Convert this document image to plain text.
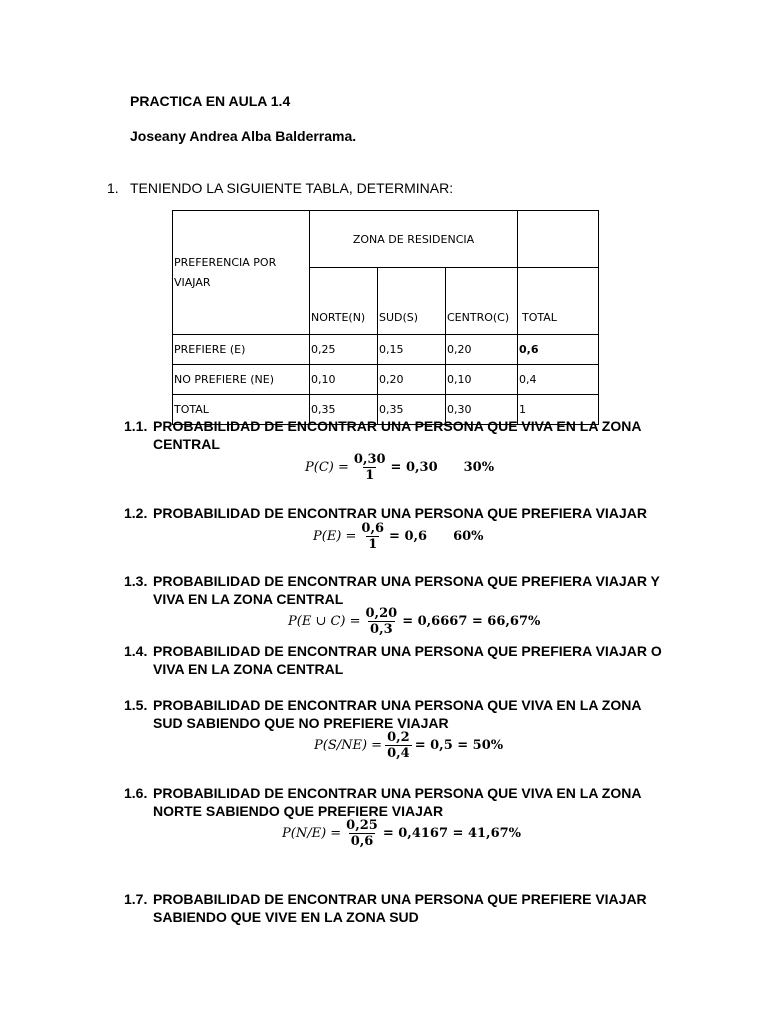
PRACTICA EN AULA 1.4
Joseany Andrea Alba Balderrama.
1. TENIENDO LA SIGUIENTE TABLA, DETERMINAR:
PREFERENCIA POR VIAJAR	ZONA DE RESIDENCIA			
	NORTE(N)	SUD(S)	CENTRO(C)	TOTAL
PREFIERE (E)	0,25	0,15	0,20	0,6
NO PREFIERE (NE)	0,10	0,20	0,10	0,4
TOTAL	0,35	0,35	0,30	1
1.1. PROBABILIDAD DE ENCONTRAR UNA PERSONA QUE VIVA EN LA ZONA CENTRAL
$P(C) = \frac{0,30}{1} = 0,30$ 30%
1.2. PROBABILIDAD DE ENCONTRAR UNA PERSONA QUE PREFIERA VIAJAR
$P(E) = \frac{0,6}{1} = 0,6$ 60%
1.3. PROBABILIDAD DE ENCONTRAR UNA PERSONA QUE PREFIERA VIAJAR Y VIVA EN LA ZONA CENTRAL
P(E ∪ $C) = \frac{0,20}{0,3} = 0,6667 = 66,67\%$
1.4. PROBABILIDAD DE ENCONTRAR UNA PERSONA QUE PREFIERA VIAJAR O VIVA EN LA ZONA CENTRAL
1.5. PROBABILIDAD DE ENCONTRAR UNA PERSONA QUE VIVA EN LA ZONA SUD SABIENDO QUE NO PREFIERE VIAJAR
$P(S/NE) = \frac{0,2}{0,4} = 0,5 = 50\%$
1.6. PROBABILIDAD DE ENCONTRAR UNA PERSONA QUE VIVA EN LA ZONA NORTE SABIENDO QUE PREFIERE VIAJAR
$P(N/E) = \frac{0,25}{0,6} = 0,4167 = 41,67\%$
1.7. PROBABILIDAD DE ENCONTRAR UNA PERSONA QUE PREFIERE VIAJAR SABIENDO QUE VIVE EN LA ZONA SUD
